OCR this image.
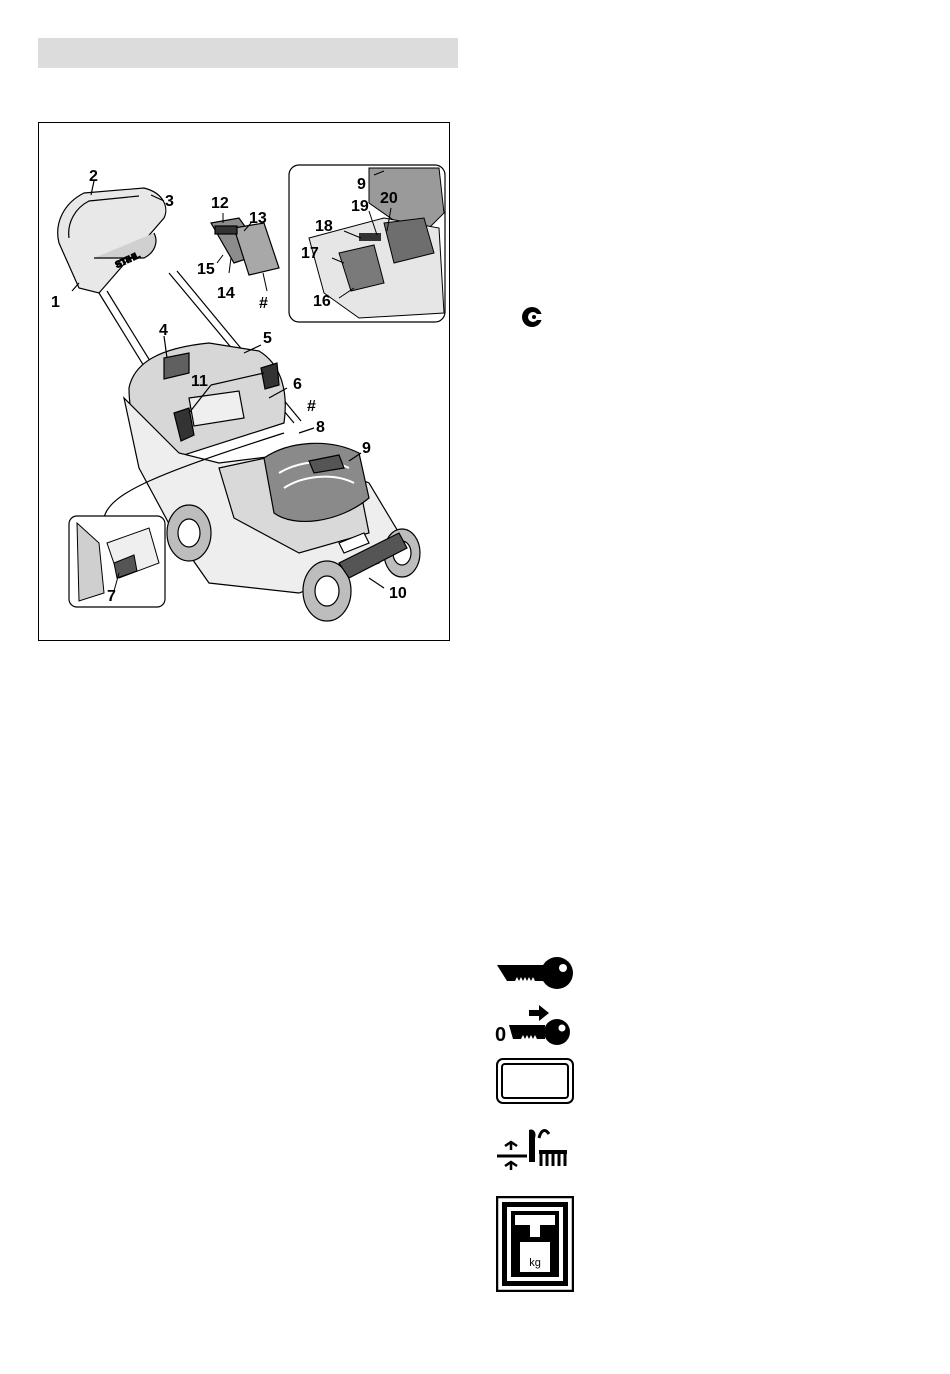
STIHL
1
2
3
4	5
6
7
8
9
9
10
11
12
13
14
15
16
17
18
19 20
#
#
0
kg
